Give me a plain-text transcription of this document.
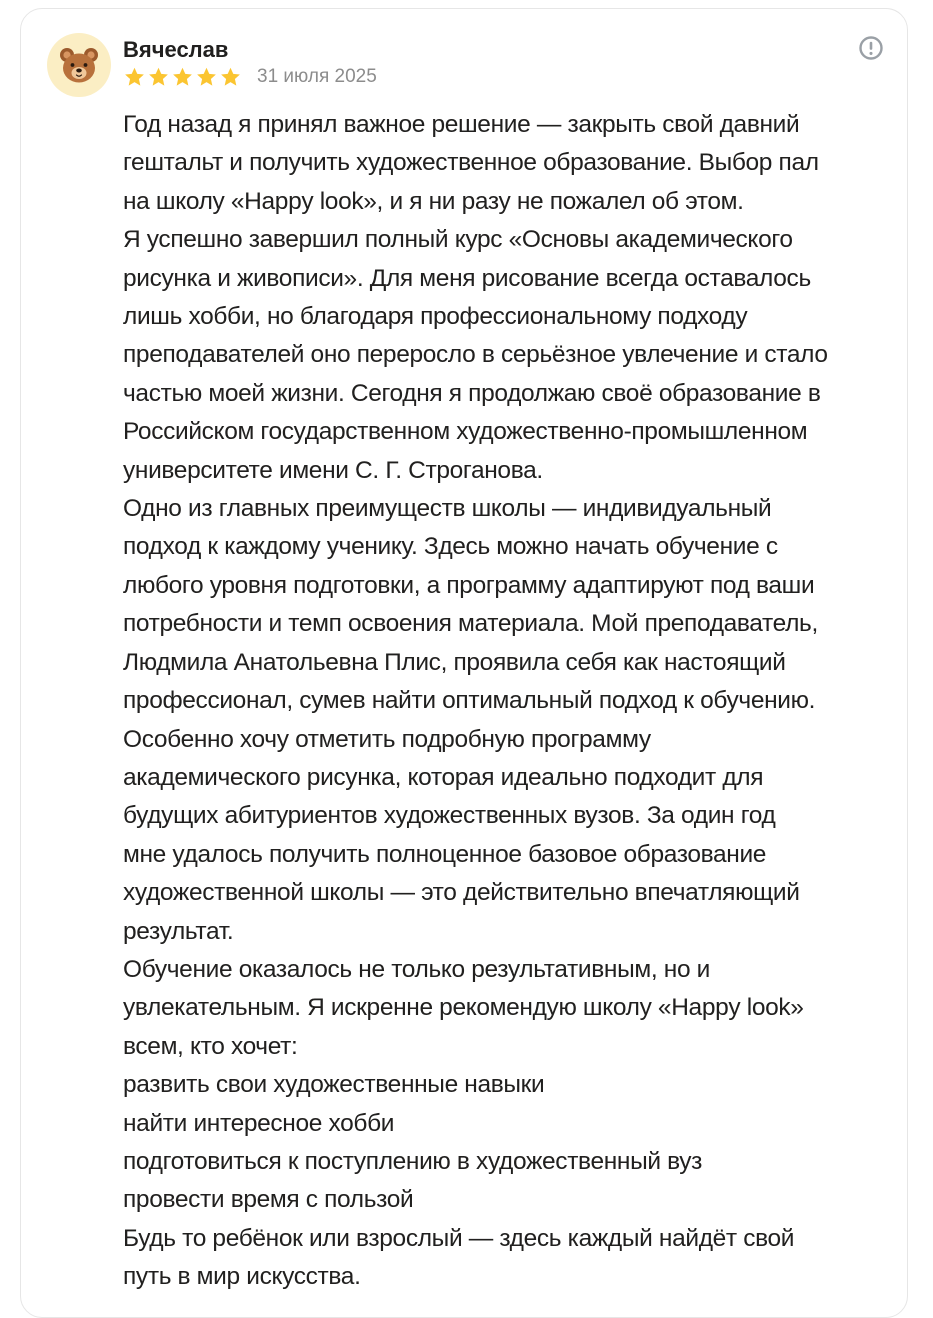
Вячеслав
31 июля 2025
Год назад я принял важное решение — закрыть свой давний
гештальт и получить художественное образование. Выбор пал
на школу «Happy look», и я ни разу не пожалел об этом.
Я успешно завершил полный курс «Основы академического
рисунка и живописи». Для меня рисование всегда оставалось
лишь хобби, но благодаря профессиональному подходу
преподавателей оно переросло в серьёзное увлечение и стало
частью моей жизни. Сегодня я продолжаю своё образование в
Российском государственном художественно-промышленном
университете имени С. Г. Строганова.
Одно из главных преимуществ школы — индивидуальный
подход к каждому ученику. Здесь можно начать обучение с
любого уровня подготовки, а программу адаптируют под ваши
потребности и темп освоения материала. Мой преподаватель,
Людмила Анатольевна Плис, проявила себя как настоящий
профессионал, сумев найти оптимальный подход к обучению.
Особенно хочу отметить подробную программу
академического рисунка, которая идеально подходит для
будущих абитуриентов художественных вузов. За один год
мне удалось получить полноценное базовое образование
художественной школы — это действительно впечатляющий
результат.
Обучение оказалось не только результативным, но и
увлекательным. Я искренне рекомендую школу «Happy look»
всем, кто хочет:
развить свои художественные навыки
найти интересное хобби
подготовиться к поступлению в художественный вуз
провести время с пользой
Будь то ребёнок или взрослый — здесь каждый найдёт свой
путь в мир искусства.
